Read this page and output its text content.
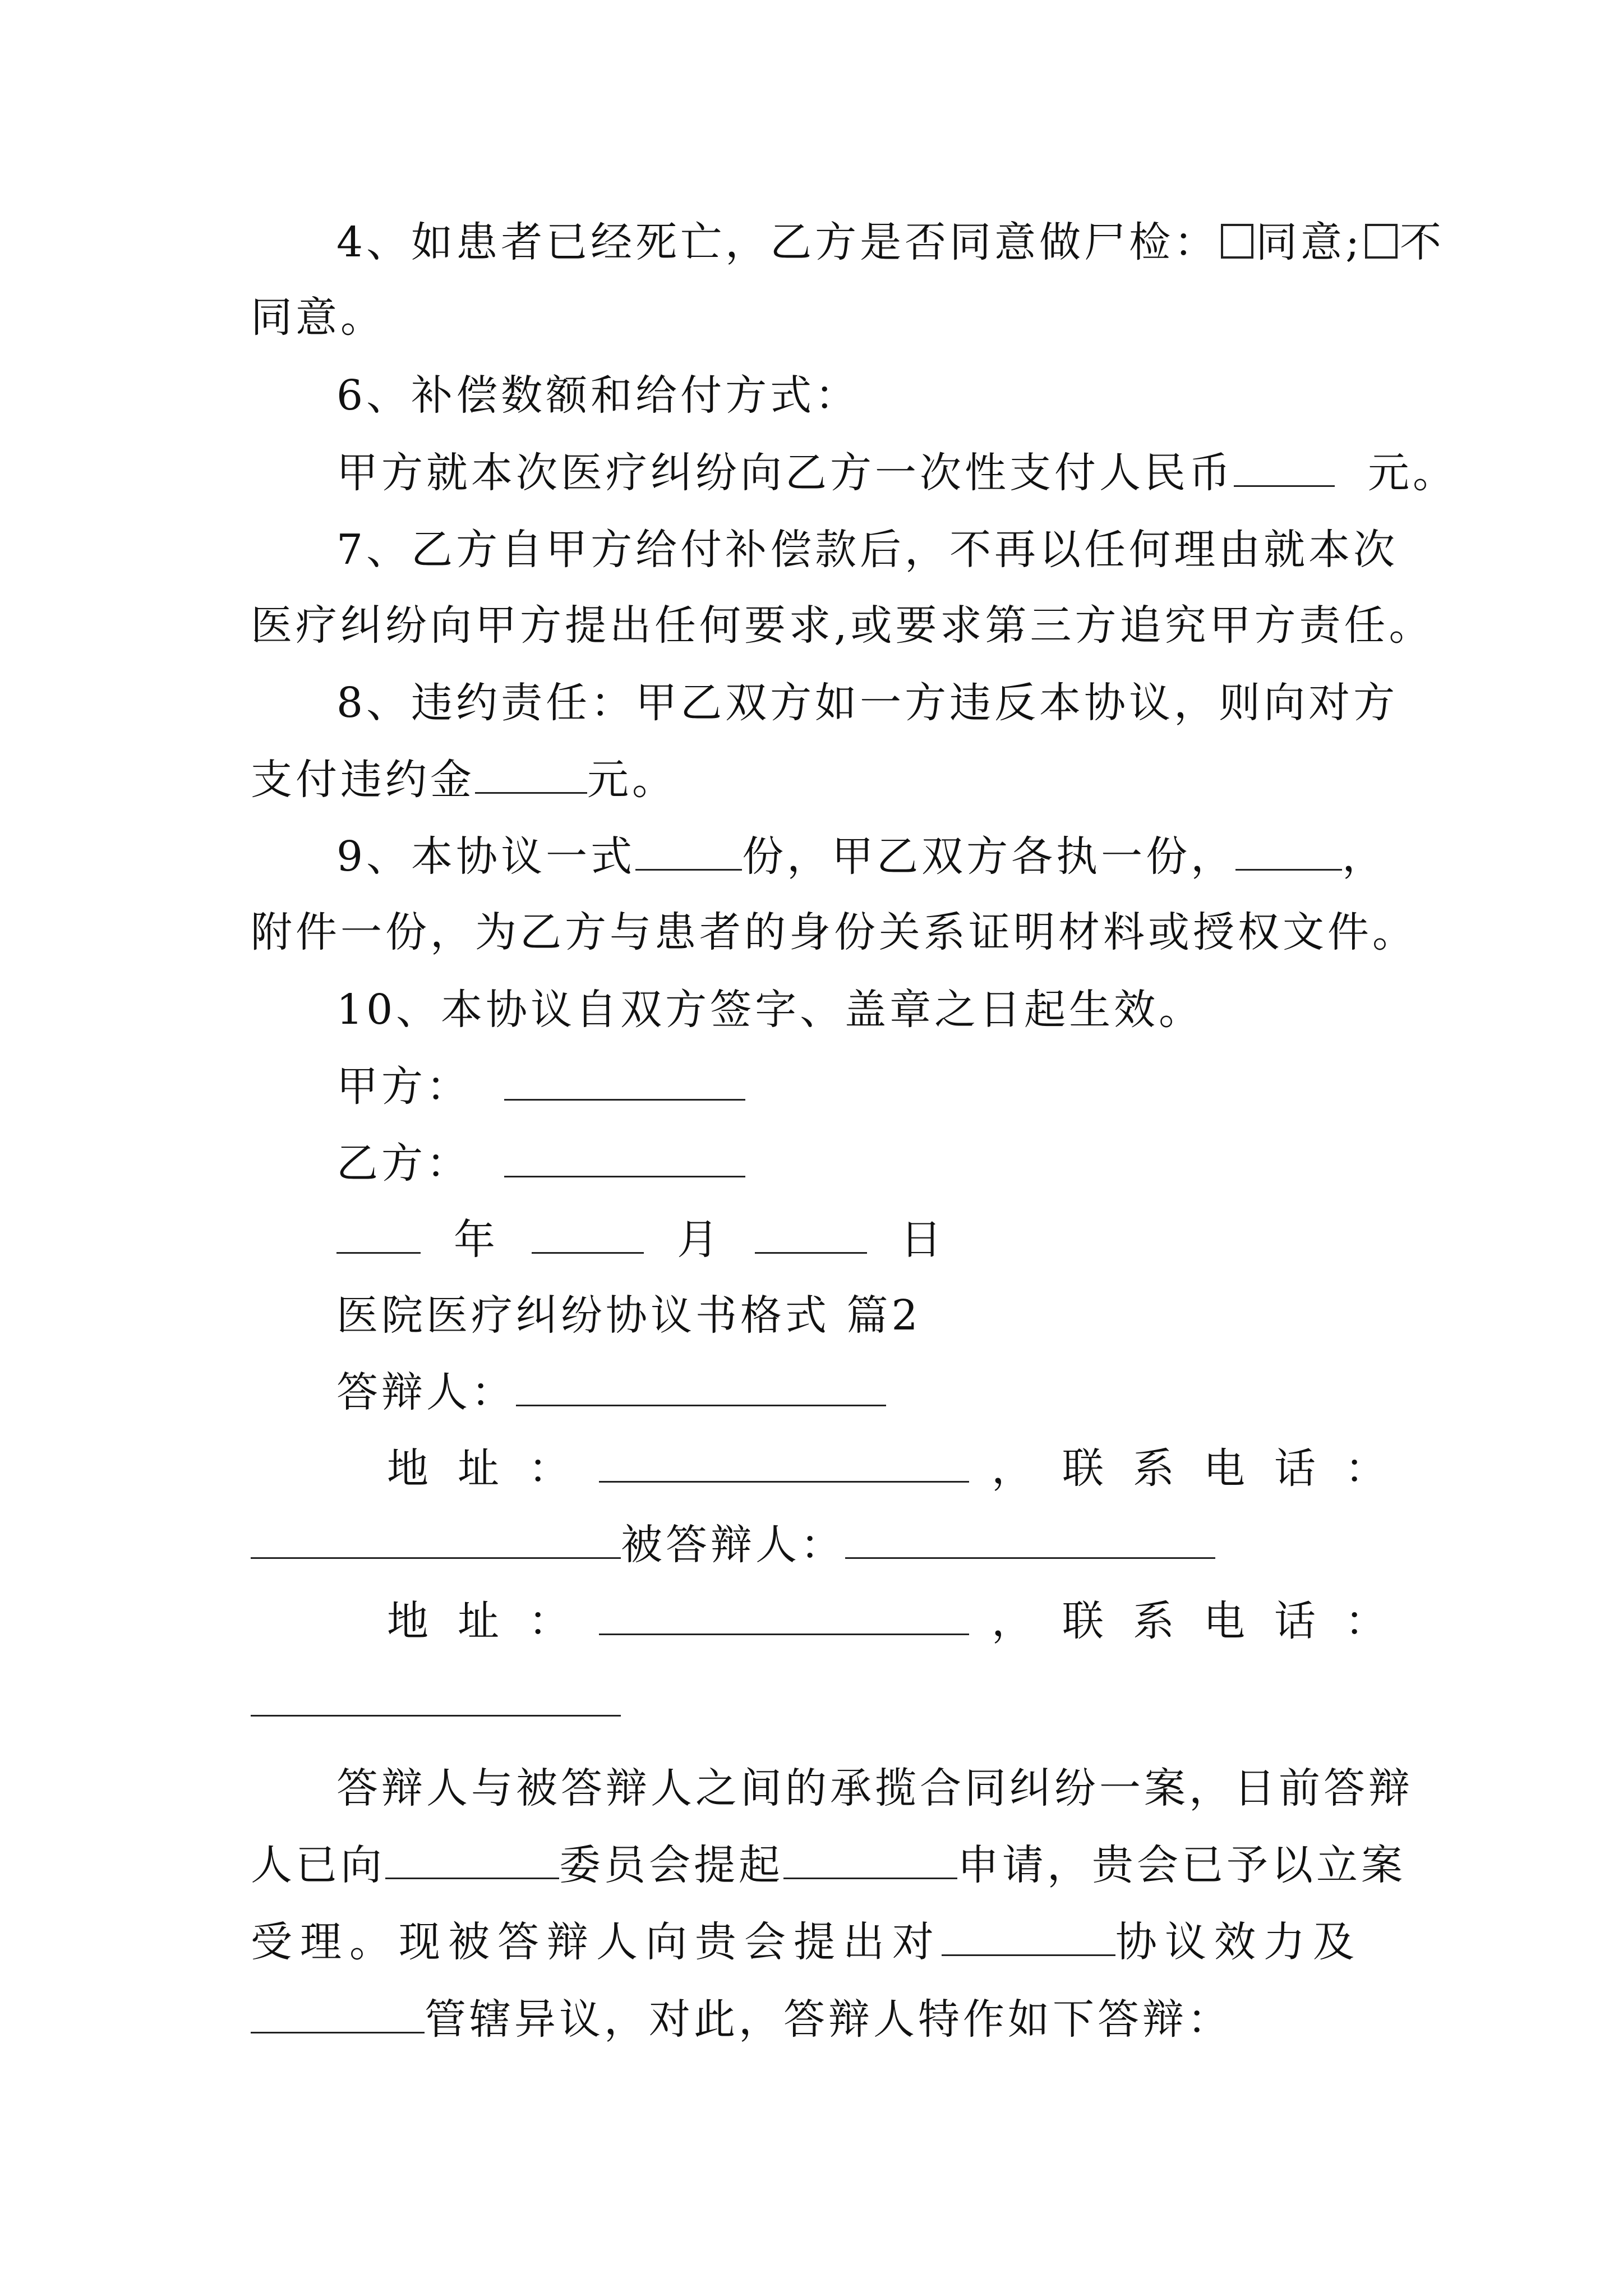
4、如患者已经死亡，乙方是否同意做尸检： 同意; 不
同意。
6、补偿数额和给付方式：
甲方就本次医疗纠纷向乙方一次性支付人民币	元。
7、乙方自甲方给付补偿款后，不再以任何理由就本次
医疗纠纷向甲方提出任何要求,或要求第三方追究甲方责任。
8、违约责任：甲乙双方如一方违反本协议，则向对方
支付违约金	元。
9、本协议一式	份，甲乙双方各执一份，	，
附件一份，为乙方与患者的身份关系证明材料或授权文件。
10、本协议自双方签字、盖章之日起生效。
甲方：
乙方：
年	月	日
医院医疗纠纷协议书格式 篇2
答辩人：
地址：	，联系电话：
被答辩人：
地址：	，联系电话：
答辩人与被答辩人之间的承揽合同纠纷一案，日前答辩
人已向	委员会提起	申请，贵会已予以立案
受理。现被答辩人向贵会提出对	协议效力及
管辖异议，对此，答辩人特作如下答辩：
